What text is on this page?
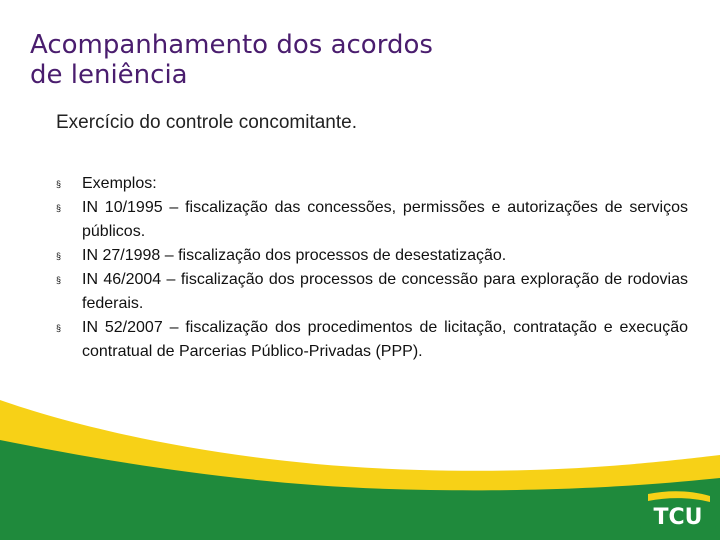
Acompanhamento dos acordos
de leniência
Exercício do controle concomitante.
§ Exemplos:
§ IN 10/1995 – fiscalização das concessões, permissões e autorizações de serviços públicos.
§ IN 27/1998 – fiscalização dos processos de desestatização.
§ IN 46/2004 – fiscalização dos processos de concessão para exploração de rodovias federais.
§ IN 52/2007 – fiscalização dos procedimentos de licitação, contratação e execução contratual de Parcerias Público-Privadas (PPP).
TCU
